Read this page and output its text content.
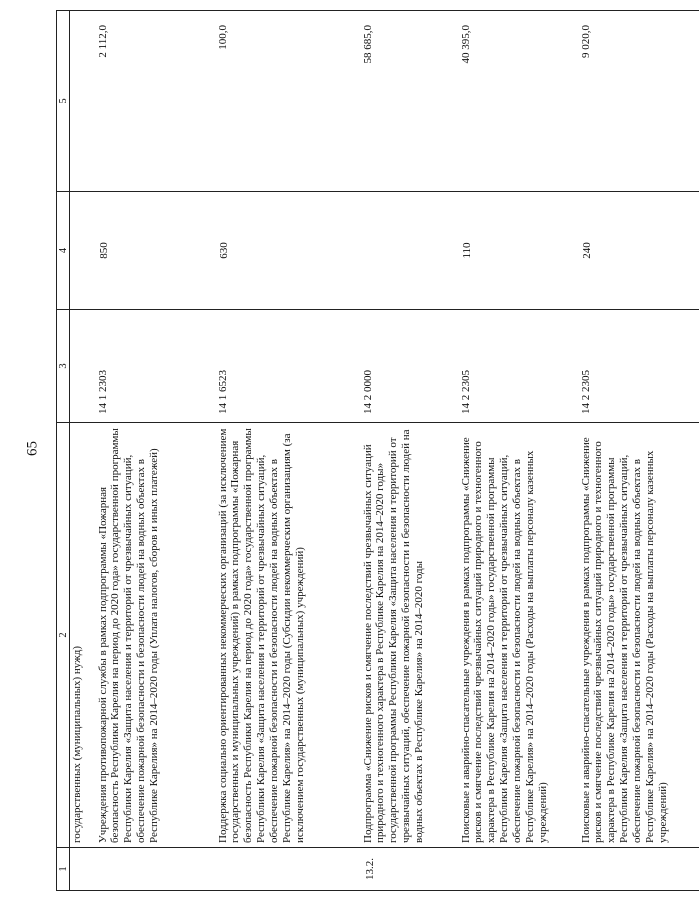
65
1	2	3	4	5
	государственных (муниципальных) нужд)			
	Учреждения противопожарной службы в рамках подпрограммы «Пожарная безопасность Республики Карелия на период до 2020 года» государственной программы Республики Карелия «Защита населения и территорий от чрезвычайных ситуаций, обеспечение пожарной безопасности и безопасности людей на водных объектах в Республике Карелия» на 2014–2020 годы (Уплата налогов, сборов и иных платежей)	14 1 2303	850	2 112,0
	Поддержка социально ориентированных некоммерческих организаций (за исключением государственных и муниципальных учреждений) в рамках подпрограммы «Пожарная безопасность Республики Карелия на период до 2020 года» государственной программы Республики Карелия «Защита населения и территорий от чрезвычайных ситуаций, обеспечение пожарной безопасности и безопасности людей на водных объектах в Республике Карелия» на 2014–2020 годы (Субсидии некоммерческим организациям (за исключением государственных (муниципальных) учреждений)	14 1 6523	630	100,0
13.2.	Подпрограмма «Снижение рисков и смягчение последствий чрезвычайных ситуаций природного и техногенного характера в Республике Карелия на 2014–2020 годы» государственной программы Республики Карелия «Защита населения и территорий от чрезвычайных ситуаций, обеспечение пожарной безопасности и безопасности людей на водных объектах в Республике Карелия» на 2014–2020 годы	14 2 0000		58 685,0
	Поисковые и аварийно-спасательные учреждения в рамках подпрограммы «Снижение рисков и смягчение последствий чрезвычайных ситуаций природного и техногенного характера в Республике Карелия на 2014–2020 годы» государственной программы Республики Карелия «Защита населения и территорий от чрезвычайных ситуаций, обеспечение пожарной безопасности и безопасности людей на водных объектах в Республике Карелия» на 2014–2020 годы (Расходы на выплаты персоналу казенных учреждений)	14 2 2305	110	40 395,0
	Поисковые и аварийно-спасательные учреждения в рамках подпрограммы «Снижение рисков и смягчение последствий чрезвычайных ситуаций природного и техногенного характера в Республике Карелия на 2014–2020 годы» государственной программы Республики Карелия «Защита населения и территорий от чрезвычайных ситуаций, обеспечение пожарной безопасности и безопасности людей на водных объектах в Республике Карелия» на 2014–2020 годы (Расходы на выплаты персоналу казенных учреждений)	14 2 2305	240	9 020,0
